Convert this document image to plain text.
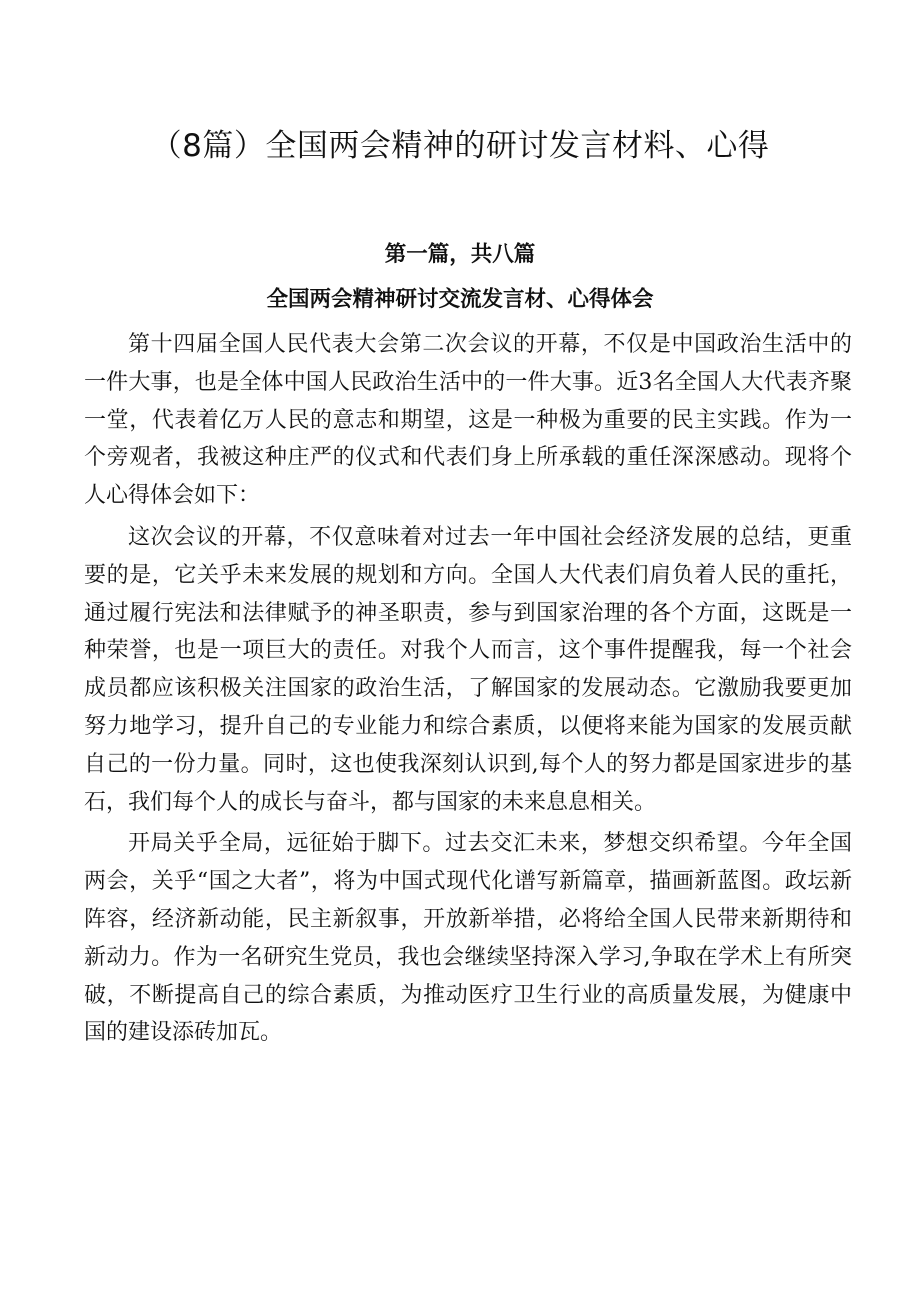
（8篇）全国两会精神的研讨发言材料、心得
第一篇，共八篇
全国两会精神研讨交流发言材、心得体会

第十四届全国人民代表大会第二次会议的开幕，不仅是中国政治生活中的一件大事，也是全体中国人民政治生活中的一件大事。近3名全国人大代表齐聚一堂，代表着亿万人民的意志和期望，这是一种极为重要的民主实践。作为一个旁观者，我被这种庄严的仪式和代表们身上所承载的重任深深感动。现将个人心得体会如下：

这次会议的开幕，不仅意味着对过去一年中国社会经济发展的总结，更重要的是，它关乎未来发展的规划和方向。全国人大代表们肩负着人民的重托，通过履行宪法和法律赋予的神圣职责，参与到国家治理的各个方面，这既是一种荣誉，也是一项巨大的责任。对我个人而言，这个事件提醒我，每一个社会成员都应该积极关注国家的政治生活，了解国家的发展动态。它激励我要更加努力地学习，提升自己的专业能力和综合素质，以便将来能为国家的发展贡献自己的一份力量。同时，这也使我深刻认识到,每个人的努力都是国家进步的基石，我们每个人的成长与奋斗，都与国家的未来息息相关。

开局关乎全局，远征始于脚下。过去交汇未来，梦想交织希望。今年全国两会，关乎“国之大者”，将为中国式现代化谱写新篇章，描画新蓝图。政坛新阵容，经济新动能，民主新叙事，开放新举措，必将给全国人民带来新期待和新动力。作为一名研究生党员，我也会继续坚持深入学习,争取在学术上有所突破，不断提高自己的综合素质，为推动医疗卫生行业的高质量发展，为健康中国的建设添砖加瓦。
